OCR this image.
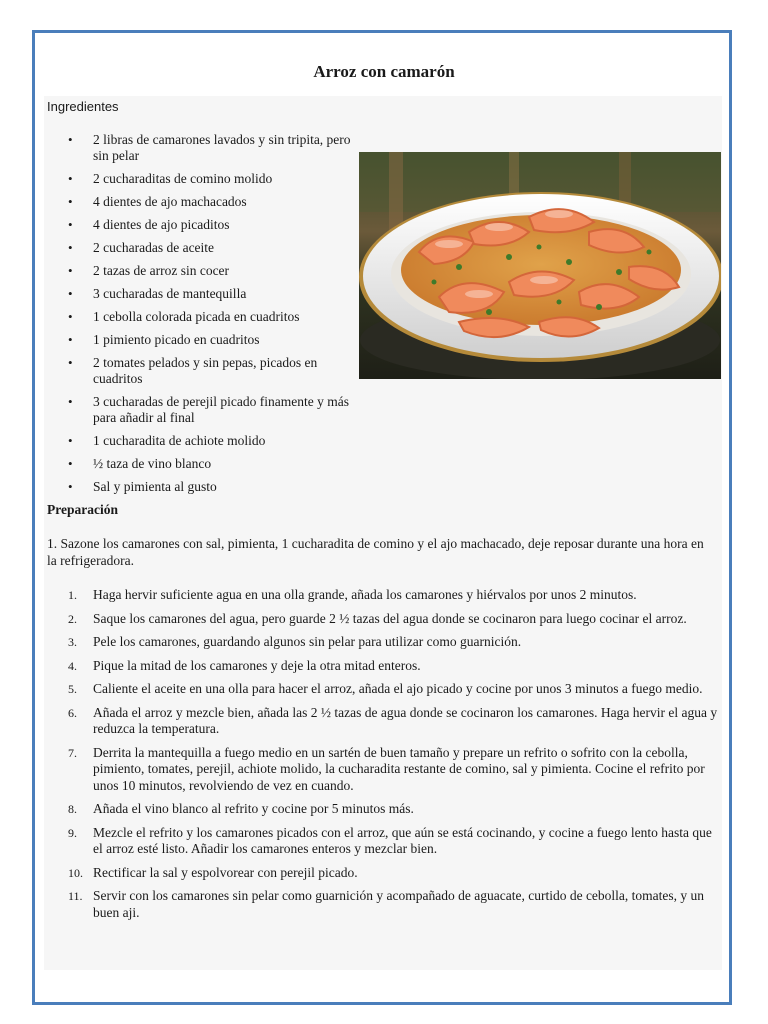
Arroz con camarón
Ingredientes
• 2 libras de camarones lavados y sin tripita, pero sin pelar
• 2 cucharaditas de comino molido
• 4 dientes de ajo machacados
• 4 dientes de ajo picaditos
• 2 cucharadas de aceite
• 2 tazas de arroz sin cocer
• 3 cucharadas de mantequilla
• 1 cebolla colorada picada en cuadritos
• 1 pimiento picado en cuadritos
• 2 tomates pelados y sin pepas, picados en cuadritos
• 3 cucharadas de perejil picado finamente y más para añadir al final
• 1 cucharadita de achiote molido
• ½ taza de vino blanco
• Sal y pimienta al gusto
Preparación
1. Sazone los camarones con sal, pimienta, 1 cucharadita de comino y el ajo machacado, deje reposar durante una hora en la refrigeradora.
1. Haga hervir suficiente agua en una olla grande, añada los camarones y hiérvalos por unos 2 minutos.
2. Saque los camarones del agua, pero guarde 2 ½ tazas del agua donde se cocinaron para luego cocinar el arroz.
3. Pele los camarones, guardando algunos sin pelar para utilizar como guarnición.
4. Pique la mitad de los camarones y deje la otra mitad enteros.
5. Caliente el aceite en una olla para hacer el arroz, añada el ajo picado y cocine por unos 3 minutos a fuego medio.
6. Añada el arroz y mezcle bien, añada las 2 ½ tazas de agua donde se cocinaron los camarones. Haga hervir el agua y reduzca la temperatura.
7. Derrita la mantequilla a fuego medio en un sartén de buen tamaño y prepare un refrito o sofrito con la cebolla, pimiento, tomates, perejil, achiote molido, la cucharadita restante de comino, sal y pimienta. Cocine el refrito por unos 10 minutos, revolviendo de vez en cuando.
8. Añada el vino blanco al refrito y cocine por 5 minutos más.
9. Mezcle el refrito y los camarones picados con el arroz, que aún se está cocinando, y cocine a fuego lento hasta que el arroz esté listo. Añadir los camarones enteros y mezclar bien.
10. Rectificar la sal y espolvorear con perejil picado.
11. Servir con los camarones sin pelar como guarnición y acompañado de aguacate, curtido de cebolla, tomates, y un buen aji.
